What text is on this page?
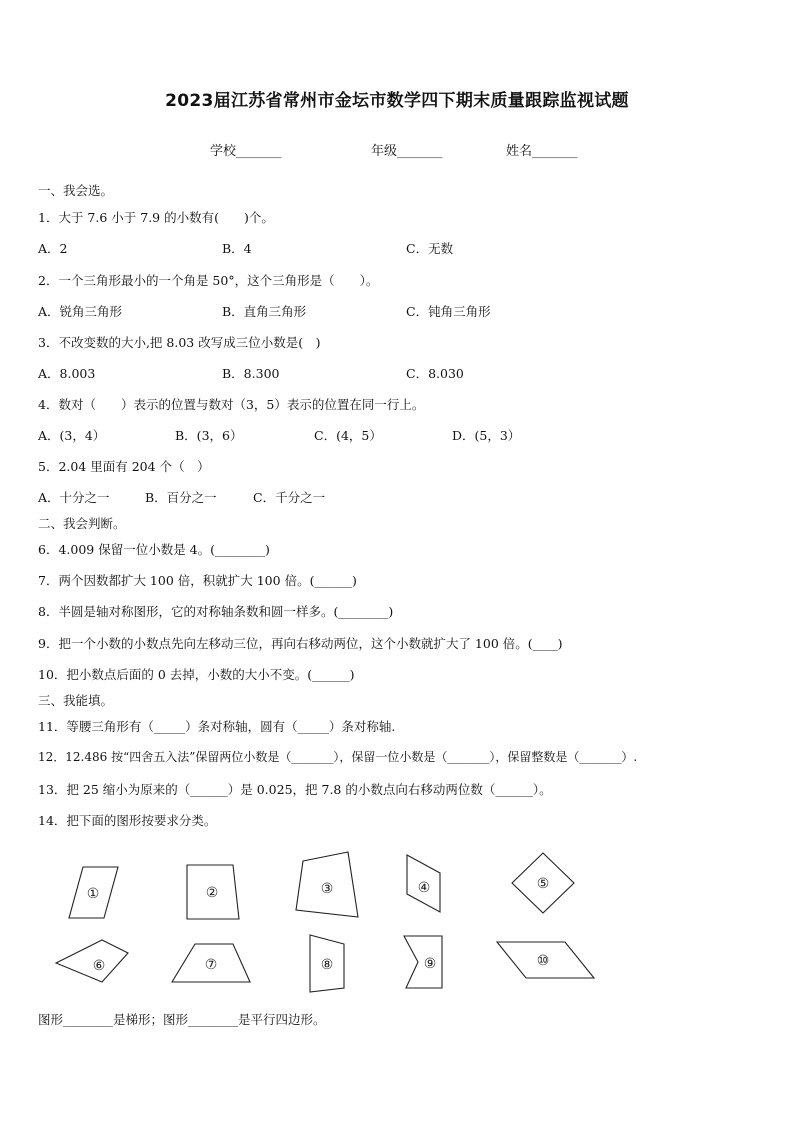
2023届江苏省常州市金坛市数学四下期末质量跟踪监视试题
学校_______	年级_______	姓名_______
一、我会选。
1．大于 7.6 小于 7.9 的小数有(　　)个。
A．2	B．4	C．无数
2．一个三角形最小的一个角是 50°，这个三角形是（　　）。
A．锐角三角形	B．直角三角形	C．钝角三角形
3．不改变数的大小,把 8.03 改写成三位小数是(　)
A．8.003	B．8.300	C．8.030
4．数对（　　）表示的位置与数对（3，5）表示的位置在同一行上。
A．(3，4）	B．(3，6）	C．(4，5）	D．(5，3）
5．2.04 里面有 204 个（　）
A．十分之一	B．百分之一	C．千分之一
二、我会判断。
6．4.009 保留一位小数是 4。(________)
7．两个因数都扩大 100 倍，积就扩大 100 倍。(______)
8．半圆是轴对称图形，它的对称轴条数和圆一样多。(________)
9．把一个小数的小数点先向左移动三位，再向右移动两位，这个小数就扩大了 100 倍。(____)
10．把小数点后面的 0 去掉，小数的大小不变。(______)
三、我能填。
11．等腰三角形有（_____）条对称轴，圆有（_____）条对称轴.
12．12.486 按“四舍五入法”保留两位小数是（_______），保留一位小数是（_______），保留整数是（_______）.
13．把 25 缩小为原来的（______）是 0.025，把 7.8 的小数点向右移动两位数（______）。
14．把下面的图形按要求分类。
①	②	③	④	⑤
⑥	⑦	⑧	⑨	⑩
图形________是梯形；图形________是平行四边形。
